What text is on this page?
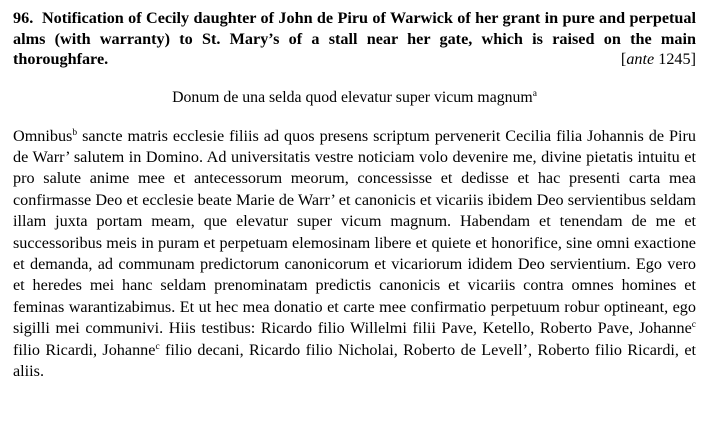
96. Notification of Cecily daughter of John de Piru of Warwick of her grant in pure and perpetual alms (with warranty) to St. Mary’s of a stall near her gate, which is raised on the main thoroughfare.	[ante 1245]

Donum de una selda quod elevatur super vicum magnum$^a$

Omnibus$^b$ sancte matris ecclesie filiis ad quos presens scriptum pervenerit Cecilia filia Johannis de Piru de Warr’ salutem in Domino. Ad universitatis vestre noticiam volo devenire me, divine pietatis intuitu et pro salute anime mee et antecessorum meorum, concessisse et dedisse et hac presenti carta mea confirmasse Deo et ecclesie beate Marie de Warr’ et canonicis et vicariis ibidem Deo servientibus seldam illam juxta portam meam, que elevatur super vicum magnum. Habendam et tenendam de me et successoribus meis in puram et perpetuam elemosinam libere et quiete et honorifice, sine omni exactione et demanda, ad communam predictorum canonicorum et vicariorum ididem Deo servientium. Ego vero et heredes mei hanc seldam prenominatam predictis canonicis et vicariis contra omnes homines et feminas warantizabimus. Et ut hec mea donatio et carte mee confirmatio perpetuum robur optineant, ego sigilli mei communivi. Hiis testibus: Ricardo filio Willelmi filii Pave, Ketello, Roberto Pave, Johanne$^c$ filio Ricardi, Johanne$^c$ filio decani, Ricardo filio Nicholai, Roberto de Levell’, Roberto filio Ricardi, et aliis.
